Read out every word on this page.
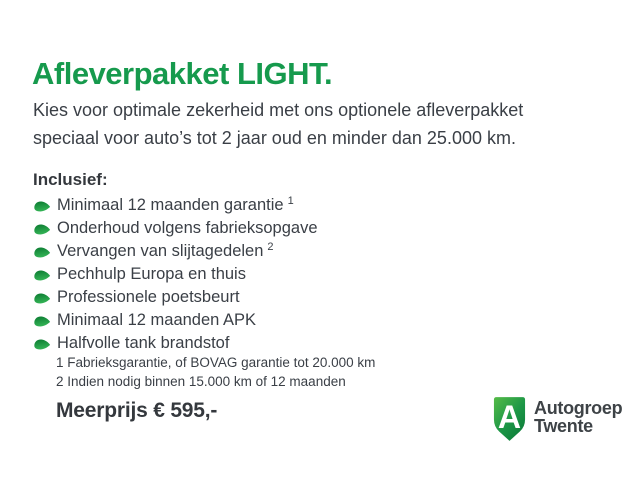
Afleverpakket LIGHT.

Kies voor optimale zekerheid met ons optionele afleverpakket speciaal voor auto’s tot 2 jaar oud en minder dan 25.000 km.

Inclusief:
Minimaal 12 maanden garantie 1
Onderhoud volgens fabrieksopgave
Vervangen van slijtagedelen 2
Pechhulp Europa en thuis
Professionele poetsbeurt
Minimaal 12 maanden APK
Halfvolle tank brandstof
1 Fabrieksgarantie, of BOVAG garantie tot 20.000 km
2 Indien nodig binnen 15.000 km of 12 maanden
Meerprijs € 595,-	A Autogroep
Twente
